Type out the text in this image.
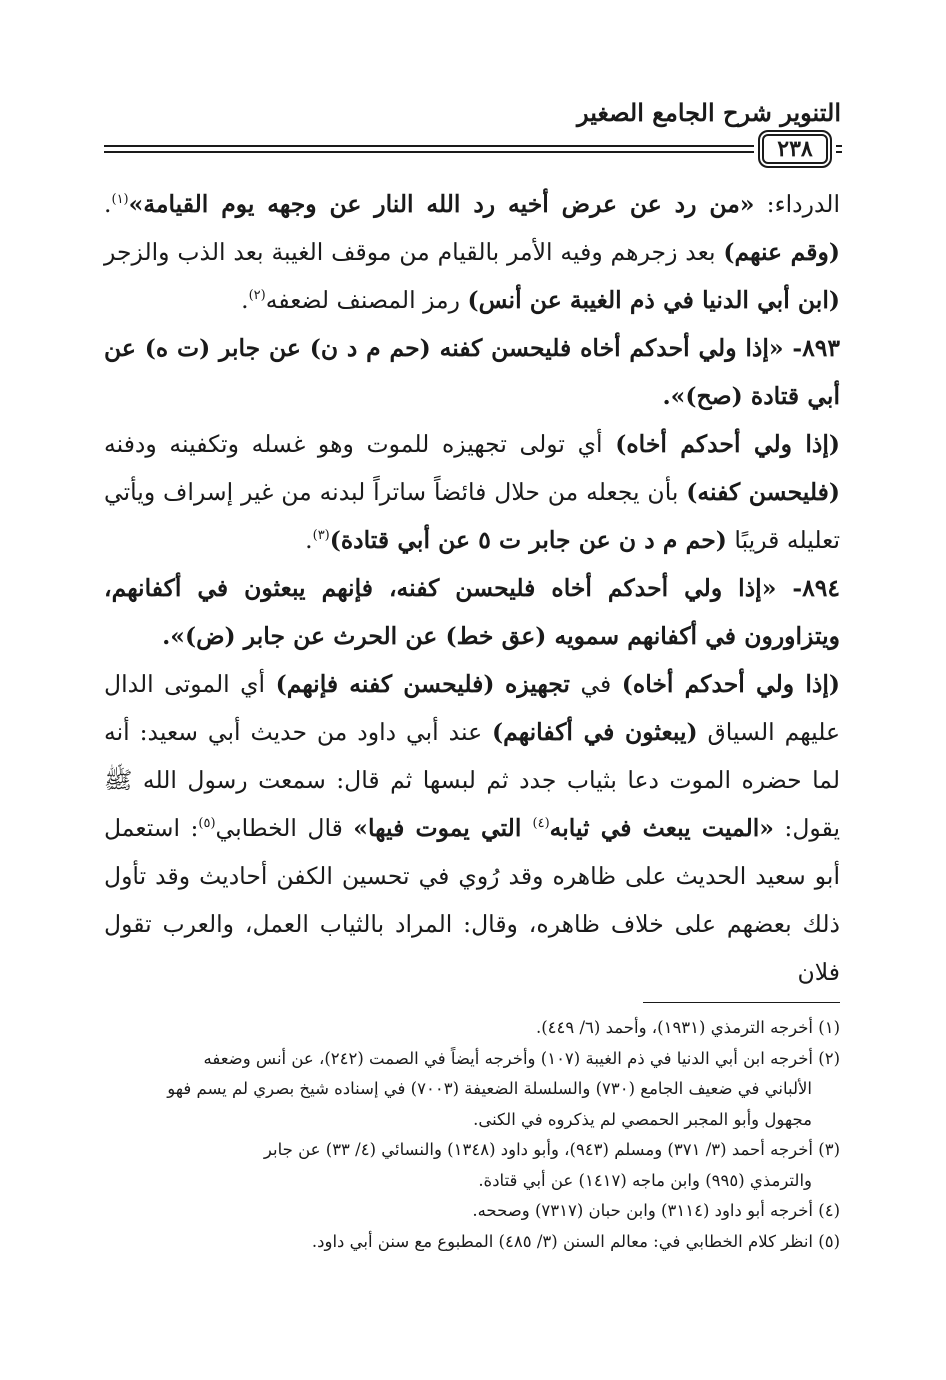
التنوير شرح الجامع الصغير
٢٣٨

الدرداء: «من رد عن عرض أخيه رد الله النار عن وجهه يوم القيامة»$^{(١)}$. (وقم عنهم) بعد زجرهم وفيه الأمر بالقيام من موقف الغيبة بعد الذب والزجر (ابن أبي الدنيا في ذم الغيبة عن أنس) رمز المصنف لضعفه$^{(٢)}$.

٨٩٣- «إذا ولي أحدكم أخاه فليحسن كفنه (حم م د ن) عن جابر (ت ه) عن أبي قتادة (صح)».

(إذا ولي أحدكم أخاه) أي تولى تجهيزه للموت وهو غسله وتكفينه ودفنه (فليحسن كفنه) بأن يجعله من حلال فائضاً ساتراً لبدنه من غير إسراف ويأتي تعليله قريبًا (حم م د ن عن جابر ت ٥ عن أبي قتادة)$^{(٣)}$.

٨٩٤- «إذا ولي أحدكم أخاه فليحسن كفنه، فإنهم يبعثون في أكفانهم، ويتزاورون في أكفانهم سمويه (عق خط) عن الحرث عن جابر (ض)».

(إذا ولي أحدكم أخاه) في تجهيزه (فليحسن كفنه فإنهم) أي الموتى الدال عليهم السياق (يبعثون في أكفانهم) عند أبي داود من حديث أبي سعيد: أنه لما حضره الموت دعا بثياب جدد ثم لبسها ثم قال: سمعت رسول الله ﷺ يقول: «الميت يبعث في ثيابه$^{(٤)}$ التي يموت فيها» قال الخطابي$^{(٥)}$: استعمل أبو سعيد الحديث على ظاهره وقد رُوي في تحسين الكفن أحاديث وقد تأول ذلك بعضهم على خلاف ظاهره، وقال: المراد بالثياب العمل، والعرب تقول فلان

(١) أخرجه الترمذي (١٩٣١)، وأحمد (٦/ ٤٤٩).

(٢) أخرجه ابن أبي الدنيا في ذم الغيبة (١٠٧) وأخرجه أيضاً في الصمت (٢٤٢)، عن أنس وضعفه

الألباني في ضعيف الجامع (٧٣٠) والسلسلة الضعيفة (٧٠٠٣) في إسناده شيخ بصري لم يسم فهو

مجهول وأبو المجبر الحمصي لم يذكروه في الكنى.

(٣) أخرجه أحمد (٣/ ٣٧١) ومسلم (٩٤٣)، وأبو داود (١٣٤٨) والنسائي (٤/ ٣٣) عن جابر

والترمذي (٩٩٥) وابن ماجه (١٤١٧) عن أبي قتادة.

(٤) أخرجه أبو داود (٣١١٤) وابن حبان (٧٣١٧) وصححه.

(٥) انظر كلام الخطابي في: معالم السنن (٣/ ٤٨٥) المطبوع مع سنن أبي داود.
